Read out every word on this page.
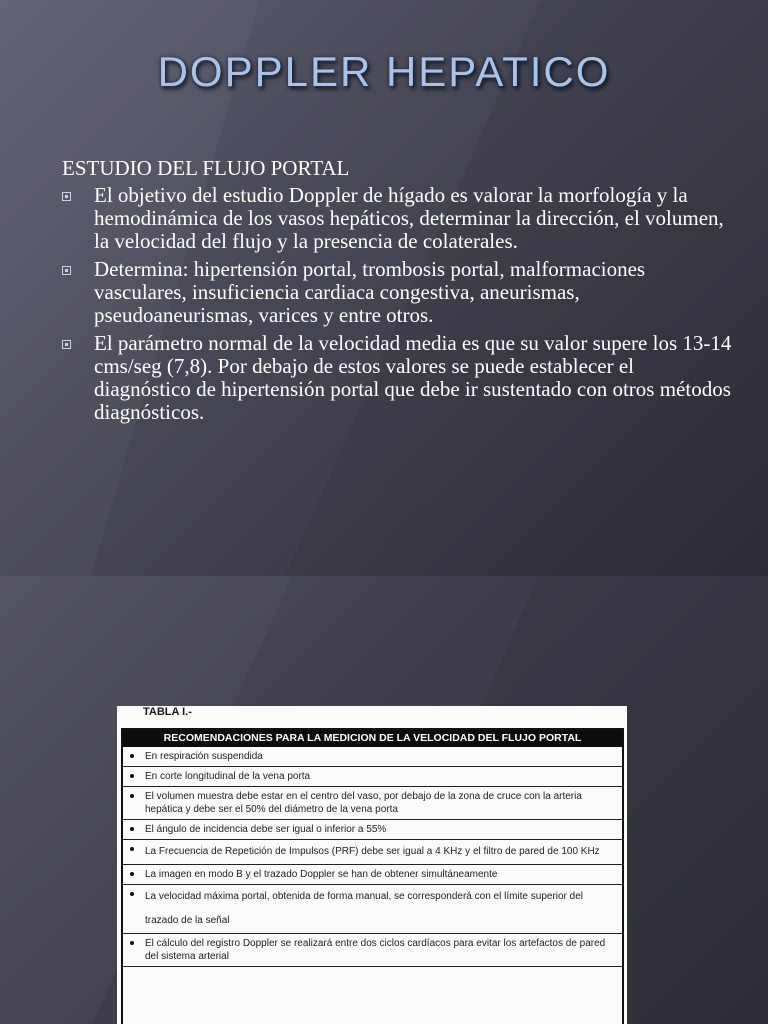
DOPPLER HEPATICO
ESTUDIO DEL FLUJO PORTAL
El objetivo del estudio Doppler de hígado es valorar la morfología y la hemodinámica de los vasos hepáticos, determinar la dirección, el volumen, la velocidad del flujo y la presencia de colaterales.
Determina: hipertensión portal, trombosis portal, malformaciones vasculares, insuficiencia cardiaca congestiva, aneurismas, pseudoaneurismas, varices y entre otros.
El parámetro normal de la velocidad media es que su valor supere los 13-14 cms/seg (7,8). Por debajo de estos valores se puede establecer el diagnóstico de hipertensión portal que debe ir sustentado con otros métodos diagnósticos.
TABLA I.-
RECOMENDACIONES PARA LA MEDICION DE LA VELOCIDAD DEL FLUJO PORTAL
En respiración suspendida
En corte longitudinal de la vena porta
El volumen muestra debe estar en el centro del vaso, por debajo de la zona de cruce con la arteria hepática y debe ser el 50% del diámetro de la vena porta
El ángulo de incidencia debe ser igual o inferior a 55%
La Frecuencia de Repetición de Impulsos (PRF) debe ser igual a 4 KHz y el filtro de pared de 100 KHz
La imagen en modo B y el trazado Doppler se han de obtener simultáneamente
La velocidad máxima portal, obtenida de forma manual, se corresponderá con el límite superior del trazado de la señal
El cálculo del registro Doppler se realizará entre dos ciclos cardíacos para evitar los artefactos de pared del sistema arterial
